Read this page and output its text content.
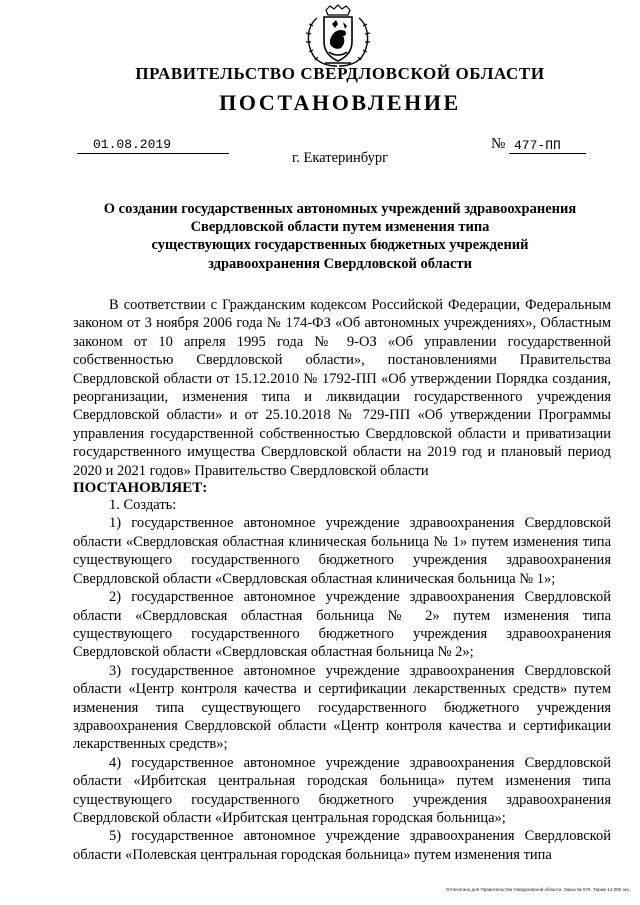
ПРАВИТЕЛЬСТВО СВЕРДЛОВСКОЙ ОБЛАСТИ
ПОСТАНОВЛЕНИЕ
01.08.2019	№ 477-ПП
г. Екатеринбург
О создании государственных автономных учреждений здравоохранения
Свердловской области путем изменения типа
существующих государственных бюджетных учреждений
здравоохранения Свердловской области

В соответствии с Гражданским кодексом Российской Федерации, Федеральным законом от 3 ноября 2006 года № 174-ФЗ «Об автономных учреждениях», Областным законом от 10 апреля 1995 года № 9-ОЗ «Об управлении государственной собственностью Свердловской области», постановлениями Правительства Свердловской области от 15.12.2010 № 1792-ПП «Об утверждении Порядка создания, реорганизации, изменения типа и ликвидации государственного учреждения Свердловской области» и от 25.10.2018 № 729-ПП «Об утверждении Программы управления государственной собственностью Свердловской области и приватизации государственного имущества Свердловской области на 2019 год и плановый период 2020 и 2021 годов» Правительство Свердловской области

ПОСТАНОВЛЯЕТ:

1. Создать:

1) государственное автономное учреждение здравоохранения Свердловской области «Свердловская областная клиническая больница № 1» путем изменения типа существующего государственного бюджетного учреждения здравоохранения Свердловской области «Свердловская областная клиническая больница № 1»;

2) государственное автономное учреждение здравоохранения Свердловской области «Свердловская областная больница № 2» путем изменения типа существующего государственного бюджетного учреждения здравоохранения Свердловской области «Свердловская областная больница № 2»;

3) государственное автономное учреждение здравоохранения Свердловской области «Центр контроля качества и сертификации лекарственных средств» путем изменения типа существующего государственного бюджетного учреждения здравоохранения Свердловской области «Центр контроля качества и сертификации лекарственных средств»;

4) государственное автономное учреждение здравоохранения Свердловской области «Ирбитская центральная городская больница» путем изменения типа существующего государственного бюджетного учреждения здравоохранения Свердловской области «Ирбитская центральная городская больница»;

5) государственное автономное учреждение здравоохранения Свердловской области «Полевская центральная городская больница» путем изменения типа

Отпечатано для Правительства Свердловской области. Заказ № 575. Тираж 14 000 экз.
